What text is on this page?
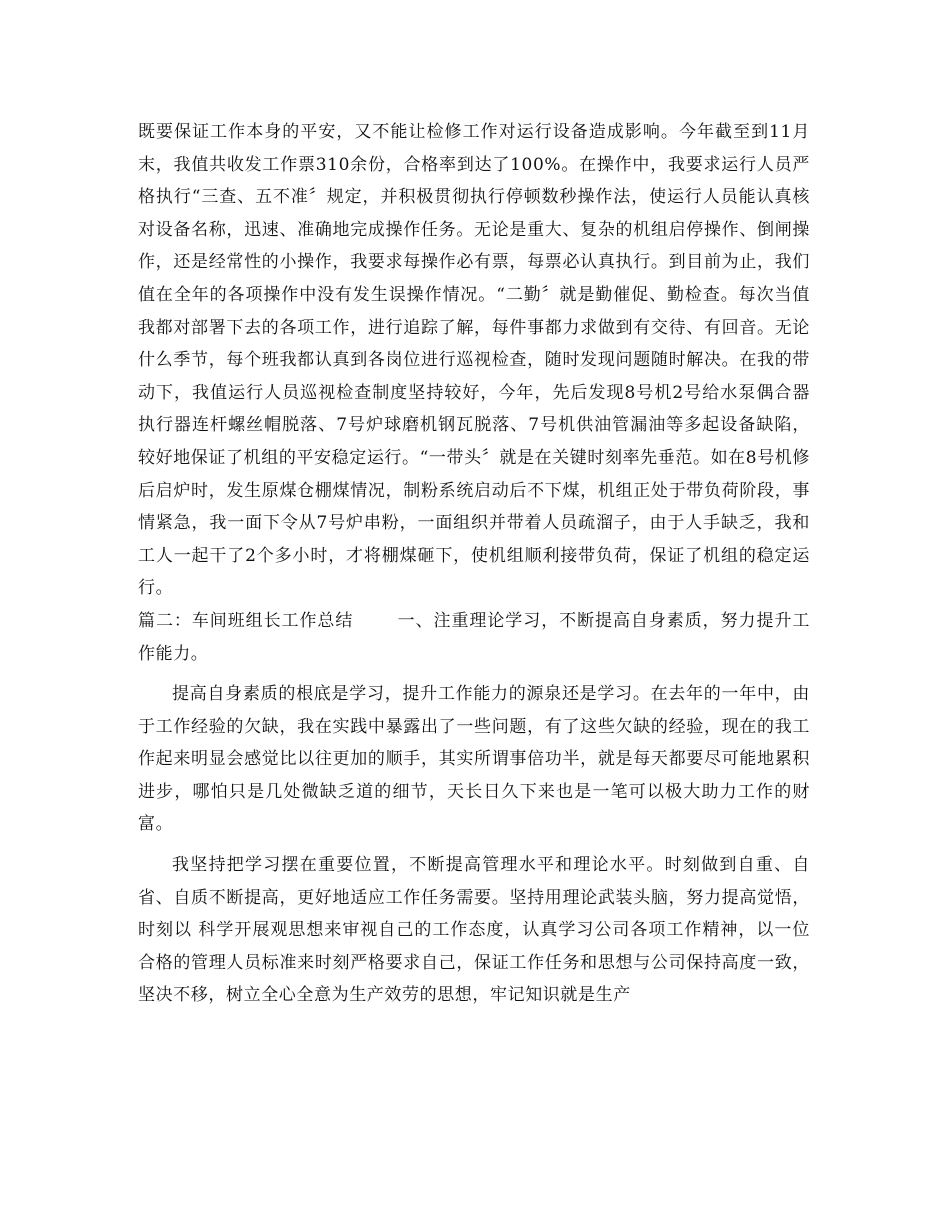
既要保证工作本身的平安，又不能让检修工作对运行设备造成影响。今年截至到11月末，我值共收发工作票310余份，合格率到达了100%。在操作中，我要求运行人员严格执行“三查、五不准〞规定，并积极贯彻执行停顿数秒操作法，使运行人员能认真核对设备名称，迅速、准确地完成操作任务。无论是重大、复杂的机组启停操作、倒闸操作，还是经常性的小操作，我要求每操作必有票，每票必认真执行。到目前为止，我们值在全年的各项操作中没有发生误操作情况。“二勤〞就是勤催促、勤检查。每次当值我都对部署下去的各项工作，进行追踪了解，每件事都力求做到有交待、有回音。无论什么季节，每个班我都认真到各岗位进行巡视检查，随时发现问题随时解决。在我的带动下，我值运行人员巡视检查制度坚持较好，今年，先后发现8号机2号给水泵偶合器执行器连杆螺丝帽脱落、7号炉球磨机钢瓦脱落、7号机供油管漏油等多起设备缺陷，较好地保证了机组的平安稳定运行。“一带头〞就是在关键时刻率先垂范。如在8号机修后启炉时，发生原煤仓棚煤情况，制粉系统启动后不下煤，机组正处于带负荷阶段，事情紧急，我一面下令从7号炉串粉，一面组织并带着人员疏溜子，由于人手缺乏，我和工人一起干了2个多小时，才将棚煤砸下，使机组顺利接带负荷，保证了机组的稳定运行。

篇二：车间班组长工作总结	一、注重理论学习，不断提高自身素质，努力提升工作能力。

提高自身素质的根底是学习，提升工作能力的源泉还是学习。在去年的一年中，由于工作经验的欠缺，我在实践中暴露出了一些问题，有了这些欠缺的经验，现在的我工作起来明显会感觉比以往更加的顺手，其实所谓事倍功半，就是每天都要尽可能地累积进步，哪怕只是几处微缺乏道的细节，天长日久下来也是一笔可以极大助力工作的财富。

我坚持把学习摆在重要位置，不断提高管理水平和理论水平。时刻做到自重、自省、自质不断提高，更好地适应工作任务需要。坚持用理论武装头脑，努力提高觉悟，时刻以 科学开展观思想来审视自己的工作态度，认真学习公司各项工作精神，以一位合格的管理人员标准来时刻严格要求自己，保证工作任务和思想与公司保持高度一致，坚决不移，树立全心全意为生产效劳的思想，牢记知识就是生产
